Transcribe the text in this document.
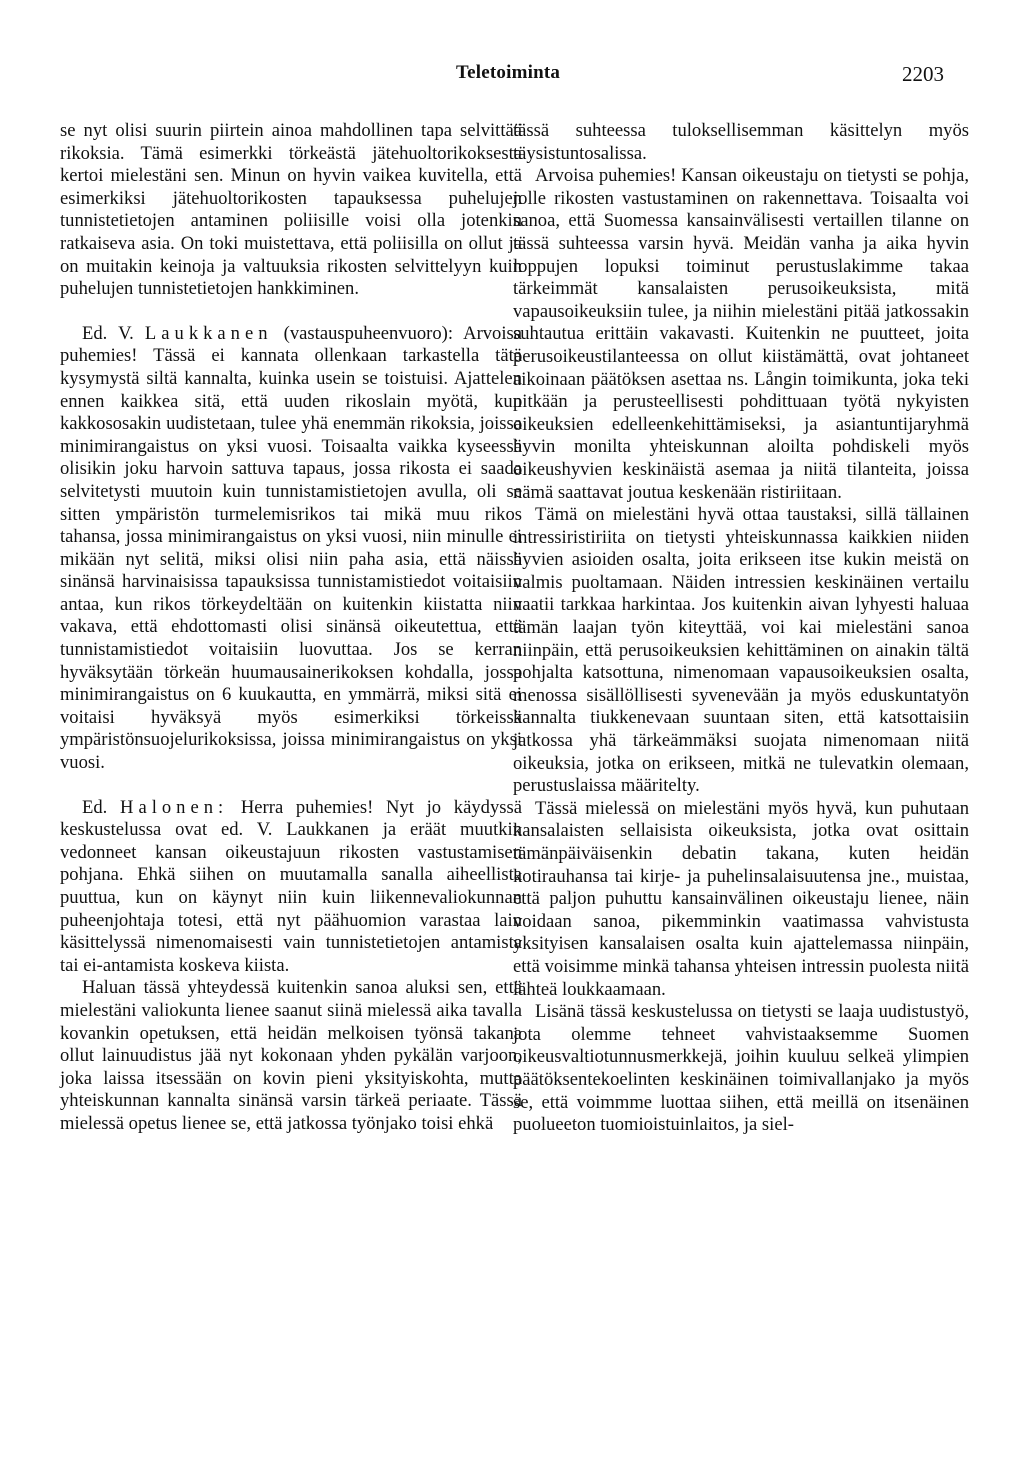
Teletoiminta	2203

se nyt olisi suurin piirtein ainoa mahdollinen tapa selvittää rikoksia. Tämä esimerkki törkeästä jätehuoltorikoksesta kertoi mielestäni sen. Minun on hyvin vaikea kuvitella, että esimerkiksi jätehuoltorikosten tapauksessa puhelujen tunnistetietojen antaminen poliisille voisi olla jotenkin ratkaiseva asia. On toki muistettava, että poliisilla on ollut ja on muitakin keinoja ja valtuuksia rikosten selvittelyyn kuin puhelujen tunnistetietojen hankkiminen.

Ed. V. Laukkanen (vastauspuheenvuoro): Arvoisa puhemies! Tässä ei kannata ollenkaan tarkastella tätä kysymystä siltä kannalta, kuinka usein se toistuisi. Ajattelen ennen kaikkea sitä, että uuden rikoslain myötä, kun kakkososakin uudistetaan, tulee yhä enemmän rikoksia, joissa minimirangaistus on yksi vuosi. Toisaalta vaikka kyseessä olisikin joku harvoin sattuva tapaus, jossa rikosta ei saada selvitetysti muutoin kuin tunnistamistietojen avulla, oli se sitten ympäristön turmelemisrikos tai mikä muu rikos tahansa, jossa minimirangaistus on yksi vuosi, niin minulle ei mikään nyt selitä, miksi olisi niin paha asia, että näissä sinänsä harvinaisissa tapauksissa tunnistamistiedot voitaisiin antaa, kun rikos törkeydeltään on kuitenkin kiistatta niin vakava, että ehdottomasti olisi sinänsä oikeutettua, että tunnistamistiedot voitaisiin luovuttaa. Jos se kerran hyväksytään törkeän huumausainerikoksen kohdalla, jossa minimirangaistus on 6 kuukautta, en ymmärrä, miksi sitä ei voitaisi hyväksyä myös esimerkiksi törkeissä ympäristönsuojelurikoksissa, joissa minimirangaistus on yksi vuosi.

Ed. Halonen: Herra puhemies! Nyt jo käydyssä keskustelussa ovat ed. V. Laukkanen ja eräät muutkin vedonneet kansan oikeustajuun rikosten vastustamisen pohjana. Ehkä siihen on muutamalla sanalla aiheellista puuttua, kun on käynyt niin kuin liikennevaliokunnan puheenjohtaja totesi, että nyt päähuomion varastaa lain käsittelyssä nimenomaisesti vain tunnistetietojen antamista tai ei-antamista koskeva kiista.

Haluan tässä yhteydessä kuitenkin sanoa aluksi sen, että mielestäni valiokunta lienee saanut siinä mielessä aika tavalla kovankin opetuksen, että heidän melkoisen työnsä takana ollut lainuudistus jää nyt kokonaan yhden pykälän varjoon, joka laissa itsessään on kovin pieni yksityiskohta, mutta yhteiskunnan kannalta sinänsä varsin tärkeä periaate. Tässä mielessä opetus lienee se, että jatkossa työnjako toisi ehkä

tässä suhteessa tuloksellisemman käsittelyn myös täysistuntosalissa.

Arvoisa puhemies! Kansan oikeustaju on tietysti se pohja, jolle rikosten vastustaminen on rakennettava. Toisaalta voi sanoa, että Suomessa kansainvälisesti vertaillen tilanne on tässä suhteessa varsin hyvä. Meidän vanha ja aika hyvin loppujen lopuksi toiminut perustuslakimme takaa tärkeimmät kansalaisten perusoikeuksista, mitä vapausoikeuksiin tulee, ja niihin mielestäni pitää jatkossakin suhtautua erittäin vakavasti. Kuitenkin ne puutteet, joita perusoikeustilanteessa on ollut kiistämättä, ovat johtaneet aikoinaan päätöksen asettaa ns. Långin toimikunta, joka teki pitkään ja perusteellisesti pohdittuaan työtä nykyisten oikeuksien edelleenkehittämiseksi, ja asiantuntijaryhmä hyvin monilta yhteiskunnan aloilta pohdiskeli myös oikeushyvien keskinäistä asemaa ja niitä tilanteita, joissa nämä saattavat joutua keskenään ristiriitaan.

Tämä on mielestäni hyvä ottaa taustaksi, sillä tällainen intressiristiriita on tietysti yhteiskunnassa kaikkien niiden hyvien asioiden osalta, joita erikseen itse kukin meistä on valmis puoltamaan. Näiden intressien keskinäinen vertailu vaatii tarkkaa harkintaa. Jos kuitenkin aivan lyhyesti haluaa tämän laajan työn kiteyttää, voi kai mielestäni sanoa niinpäin, että perusoikeuksien kehittäminen on ainakin tältä pohjalta katsottuna, nimenomaan vapausoikeuksien osalta, menossa sisällöllisesti syvenevään ja myös eduskuntatyön kannalta tiukkenevaan suuntaan siten, että katsottaisiin jatkossa yhä tärkeämmäksi suojata nimenomaan niitä oikeuksia, jotka on erikseen, mitkä ne tulevatkin olemaan, perustuslaissa määritelty.

Tässä mielessä on mielestäni myös hyvä, kun puhutaan kansalaisten sellaisista oikeuksista, jotka ovat osittain tämänpäiväisenkin debatin takana, kuten heidän kotirauhansa tai kirje- ja puhelinsalaisuutensa jne., muistaa, että paljon puhuttu kansainvälinen oikeustaju lienee, näin voidaan sanoa, pikemminkin vaatimassa vahvistusta yksityisen kansalaisen osalta kuin ajattelemassa niinpäin, että voisimme minkä tahansa yhteisen intressin puolesta niitä lähteä loukkaamaan.

Lisänä tässä keskustelussa on tietysti se laaja uudistustyö, jota olemme tehneet vahvistaaksemme Suomen oikeusvaltiotunnusmerkkejä, joihin kuuluu selkeä ylimpien päätöksentekoelinten keskinäinen toimivallanjako ja myös se, että voimmme luottaa siihen, että meillä on itsenäinen puolueeton tuomioistuinlaitos, ja siel-
